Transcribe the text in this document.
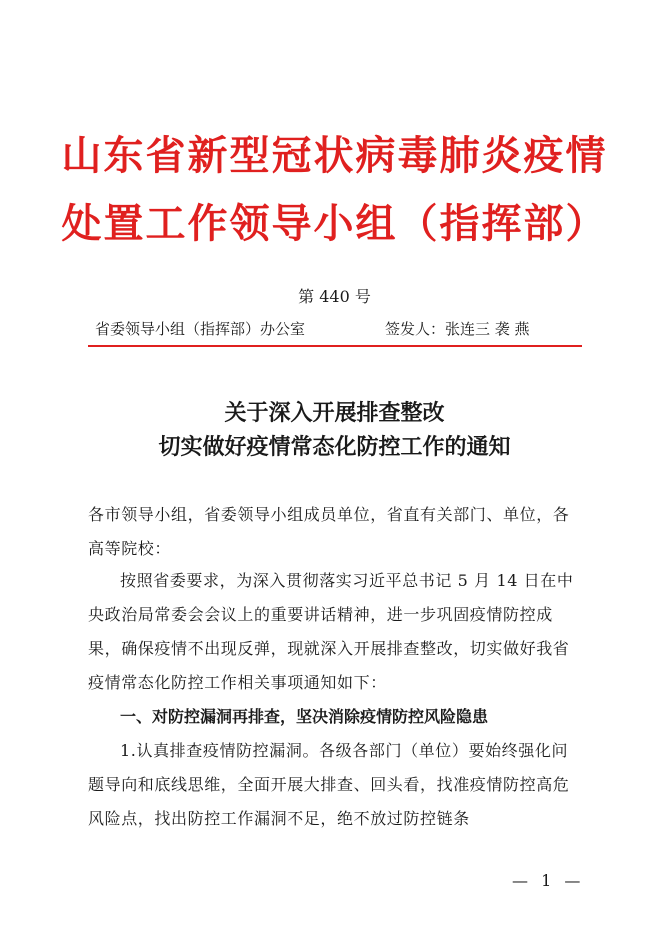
山东省新型冠状病毒肺炎疫情
处置工作领导小组（指挥部）
第 440 号
省委领导小组（指挥部）办公室	签发人：张连三 袭 燕
关于深入开展排查整改
切实做好疫情常态化防控工作的通知
各市领导小组，省委领导小组成员单位，省直有关部门、单位，各高等院校：
按照省委要求，为深入贯彻落实习近平总书记 5 月 14 日在中央政治局常委会会议上的重要讲话精神，进一步巩固疫情防控成果，确保疫情不出现反弹，现就深入开展排查整改，切实做好我省疫情常态化防控工作相关事项通知如下：
一、对防控漏洞再排查，坚决消除疫情防控风险隐患
1.认真排查疫情防控漏洞。各级各部门（单位）要始终强化问题导向和底线思维，全面开展大排查、回头看，找准疫情防控高危风险点，找出防控工作漏洞不足，绝不放过防控链条
— 1 —
